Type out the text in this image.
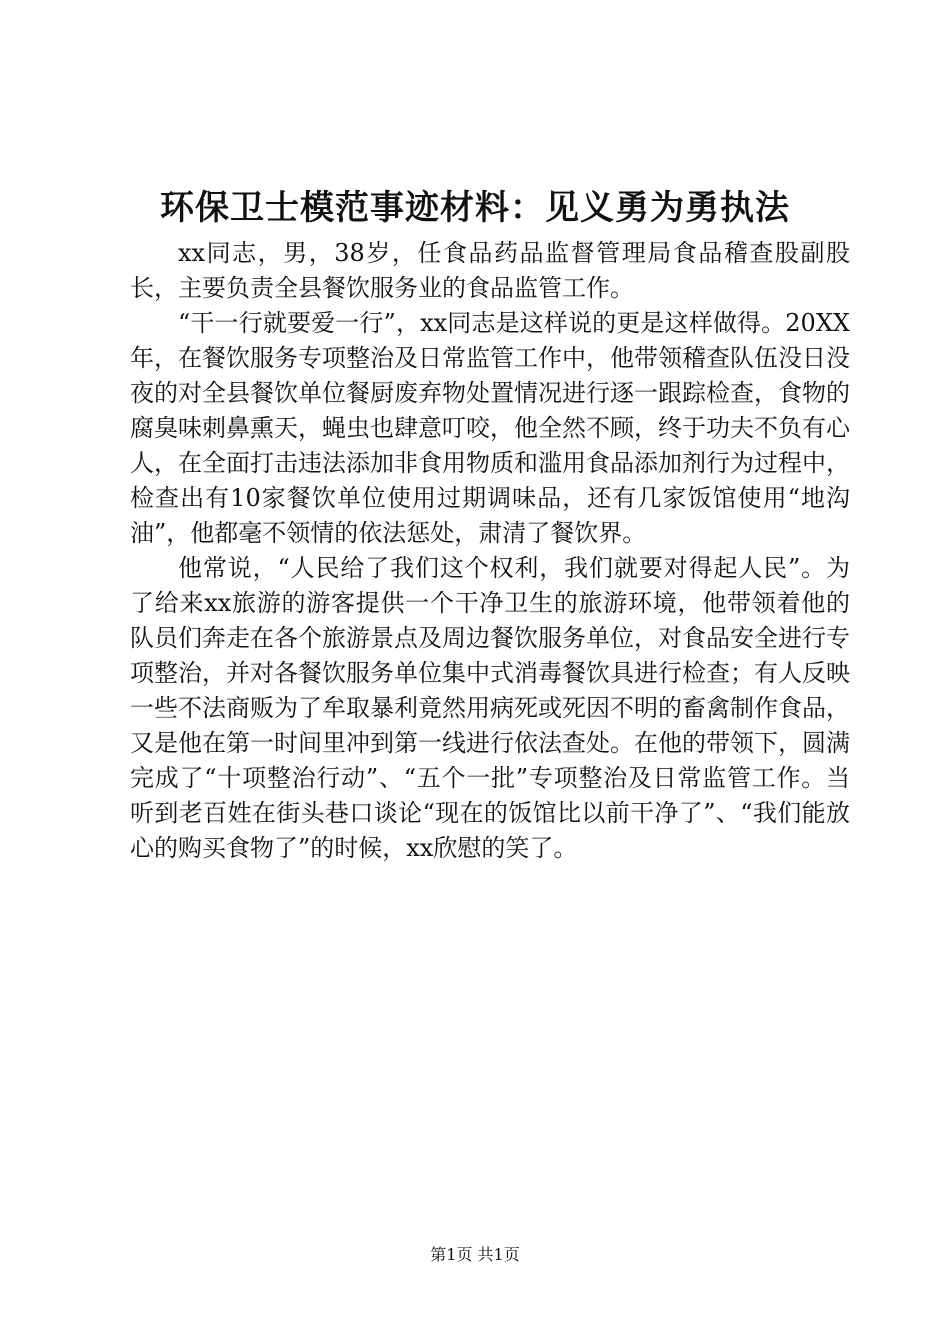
环保卫士模范事迹材料：见义勇为勇执法

xx同志，男，38岁，任食品药品监督管理局食品稽查股副股长，主要负责全县餐饮服务业的食品监管工作。

“干一行就要爱一行”，xx同志是这样说的更是这样做得。20XX年，在餐饮服务专项整治及日常监管工作中，他带领稽查队伍没日没夜的对全县餐饮单位餐厨废弃物处置情况进行逐一跟踪检查，食物的腐臭味刺鼻熏天，蝇虫也肆意叮咬，他全然不顾，终于功夫不负有心人，在全面打击违法添加非食用物质和滥用食品添加剂行为过程中，检查出有10家餐饮单位使用过期调味品，还有几家饭馆使用“地沟油”，他都毫不领情的依法惩处，肃清了餐饮界。

他常说，“人民给了我们这个权利，我们就要对得起人民”。为了给来xx旅游的游客提供一个干净卫生的旅游环境，他带领着他的队员们奔走在各个旅游景点及周边餐饮服务单位，对食品安全进行专项整治，并对各餐饮服务单位集中式消毒餐饮具进行检查；有人反映一些不法商贩为了牟取暴利竟然用病死或死因不明的畜禽制作食品，又是他在第一时间里冲到第一线进行依法查处。在他的带领下，圆满完成了“十项整治行动”、“五个一批”专项整治及日常监管工作。当听到老百姓在街头巷口谈论“现在的饭馆比以前干净了”、“我们能放心的购买食物了”的时候，xx欣慰的笑了。

第1页 共1页
